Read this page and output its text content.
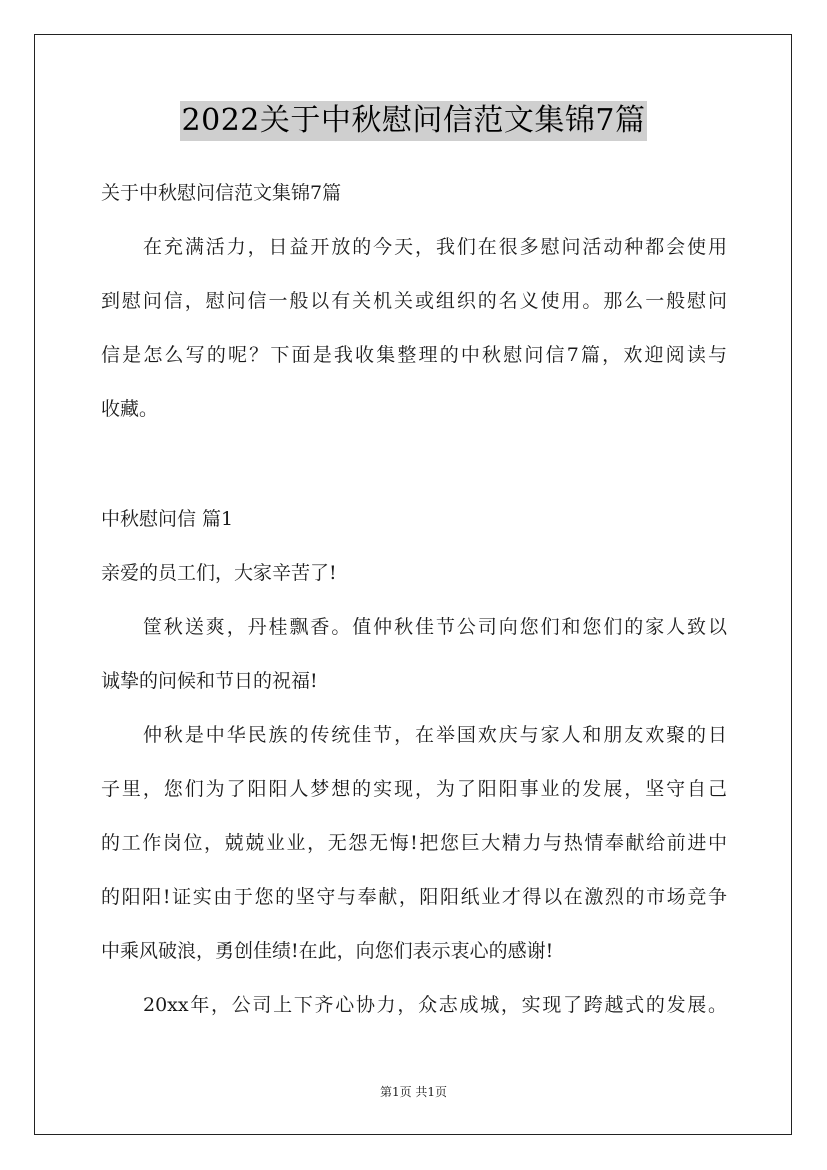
2022关于中秋慰问信范文集锦7篇
关于中秋慰问信范文集锦7篇
在充满活力，日益开放的今天，我们在很多慰问活动种都会使用
到慰问信，慰问信一般以有关机关或组织的名义使用。那么一般慰问
信是怎么写的呢？下面是我收集整理的中秋慰问信7篇，欢迎阅读与
收藏。
中秋慰问信 篇1
亲爱的员工们，大家辛苦了!
筐秋送爽，丹桂飘香。值仲秋佳节公司向您们和您们的家人致以
诚挚的问候和节日的祝福!
仲秋是中华民族的传统佳节，在举国欢庆与家人和朋友欢聚的日
子里，您们为了阳阳人梦想的实现，为了阳阳事业的发展，坚守自己
的工作岗位，兢兢业业，无怨无悔!把您巨大精力与热情奉献给前进中
的阳阳!证实由于您的坚守与奉献，阳阳纸业才得以在激烈的市场竞争
中乘风破浪，勇创佳绩!在此，向您们表示衷心的感谢!
20xx年，公司上下齐心协力，众志成城，实现了跨越式的发展。
第1页 共1页
